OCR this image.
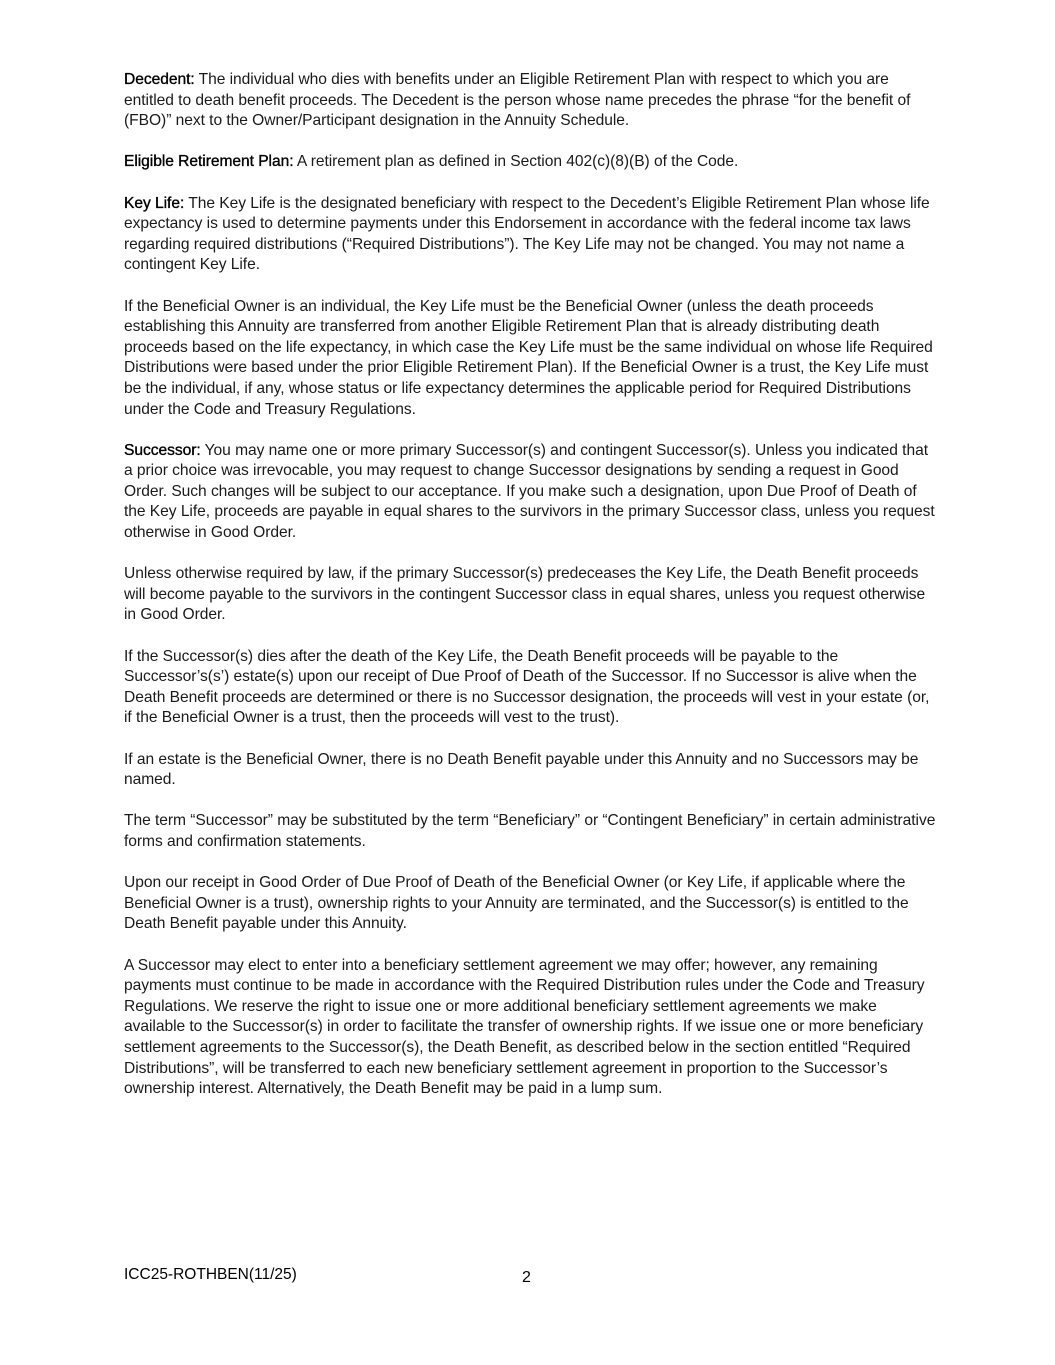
Decedent: The individual who dies with benefits under an Eligible Retirement Plan with respect to which you are entitled to death benefit proceeds. The Decedent is the person whose name precedes the phrase “for the benefit of (FBO)” next to the Owner/Participant designation in the Annuity Schedule.

Eligible Retirement Plan: A retirement plan as defined in Section 402(c)(8)(B) of the Code.

Key Life: The Key Life is the designated beneficiary with respect to the Decedent’s Eligible Retirement Plan whose life expectancy is used to determine payments under this Endorsement in accordance with the federal income tax laws regarding required distributions (“Required Distributions”). The Key Life may not be changed. You may not name a contingent Key Life.

If the Beneficial Owner is an individual, the Key Life must be the Beneficial Owner (unless the death proceeds establishing this Annuity are transferred from another Eligible Retirement Plan that is already distributing death proceeds based on the life expectancy, in which case the Key Life must be the same individual on whose life Required Distributions were based under the prior Eligible Retirement Plan). If the Beneficial Owner is a trust, the Key Life must be the individual, if any, whose status or life expectancy determines the applicable period for Required Distributions under the Code and Treasury Regulations.

Successor: You may name one or more primary Successor(s) and contingent Successor(s). Unless you indicated that a prior choice was irrevocable, you may request to change Successor designations by sending a request in Good Order. Such changes will be subject to our acceptance. If you make such a designation, upon Due Proof of Death of the Key Life, proceeds are payable in equal shares to the survivors in the primary Successor class, unless you request otherwise in Good Order.

Unless otherwise required by law, if the primary Successor(s) predeceases the Key Life, the Death Benefit proceeds will become payable to the survivors in the contingent Successor class in equal shares, unless you request otherwise in Good Order.

If the Successor(s) dies after the death of the Key Life, the Death Benefit proceeds will be payable to the Successor’s(s’) estate(s) upon our receipt of Due Proof of Death of the Successor. If no Successor is alive when the Death Benefit proceeds are determined or there is no Successor designation, the proceeds will vest in your estate (or, if the Beneficial Owner is a trust, then the proceeds will vest to the trust).

If an estate is the Beneficial Owner, there is no Death Benefit payable under this Annuity and no Successors may be named.

The term “Successor” may be substituted by the term “Beneficiary” or “Contingent Beneficiary” in certain administrative forms and confirmation statements.

Upon our receipt in Good Order of Due Proof of Death of the Beneficial Owner (or Key Life, if applicable where the Beneficial Owner is a trust), ownership rights to your Annuity are terminated, and the Successor(s) is entitled to the Death Benefit payable under this Annuity.

A Successor may elect to enter into a beneficiary settlement agreement we may offer; however, any remaining payments must continue to be made in accordance with the Required Distribution rules under the Code and Treasury Regulations. We reserve the right to issue one or more additional beneficiary settlement agreements we make available to the Successor(s) in order to facilitate the transfer of ownership rights. If we issue one or more beneficiary settlement agreements to the Successor(s), the Death Benefit, as described below in the section entitled “Required Distributions”, will be transferred to each new beneficiary settlement agreement in proportion to the Successor’s ownership interest. Alternatively, the Death Benefit may be paid in a lump sum.

ICC25-ROTHBEN(11/25)	2
